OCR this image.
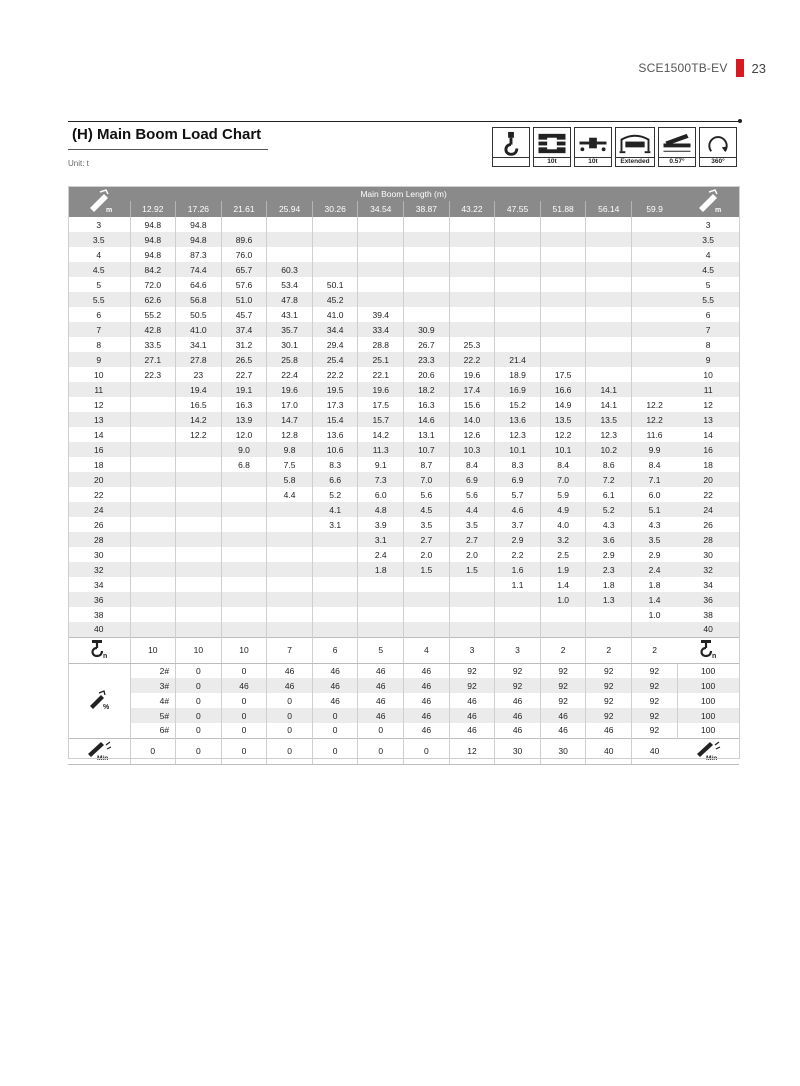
SCE1500TB-EV 23
(H) Main Boom Load Chart
Unit: t	10t	10t	Extended	0.57°	360°
m	Main Boom Length (m)												m	

	12.92	17.26	21.61	25.94	30.26	34.54	38.87	43.22	47.55	51.88	56.14	59.9		
3	94.8	94.8											3	
3.5	94.8	94.8	89.6										3.5	
4	94.8	87.3	76.0										4	
4.5	84.2	74.4	65.7	60.3									4.5	
5	72.0	64.6	57.6	53.4	50.1								5	
5.5	62.6	56.8	51.0	47.8	45.2								5.5	
6	55.2	50.5	45.7	43.1	41.0	39.4							6	
7	42.8	41.0	37.4	35.7	34.4	33.4	30.9						7	
8	33.5	34.1	31.2	30.1	29.4	28.8	26.7	25.3					8	
9	27.1	27.8	26.5	25.8	25.4	25.1	23.3	22.2	21.4				9	
10	22.3	23	22.7	22.4	22.2	22.1	20.6	19.6	18.9	17.5			10	
11		19.4	19.1	19.6	19.5	19.6	18.2	17.4	16.9	16.6	14.1		11	
12		16.5	16.3	17.0	17.3	17.5	16.3	15.6	15.2	14.9	14.1	12.2	12	
13		14.2	13.9	14.7	15.4	15.7	14.6	14.0	13.6	13.5	13.5	12.2	13	
14		12.2	12.0	12.8	13.6	14.2	13.1	12.6	12.3	12.2	12.3	11.6	14	
16			9.0	9.8	10.6	11.3	10.7	10.3	10.1	10.1	10.2	9.9	16	
18			6.8	7.5	8.3	9.1	8.7	8.4	8.3	8.4	8.6	8.4	18	
20				5.8	6.6	7.3	7.0	6.9	6.9	7.0	7.2	7.1	20	
22				4.4	5.2	6.0	5.6	5.6	5.7	5.9	6.1	6.0	22	
24					4.1	4.8	4.5	4.4	4.6	4.9	5.2	5.1	24	
26					3.1	3.9	3.5	3.5	3.7	4.0	4.3	4.3	26	
28						3.1	2.7	2.7	2.9	3.2	3.6	3.5	28	
30						2.4	2.0	2.0	2.2	2.5	2.9	2.9	30	
32						1.8	1.5	1.5	1.6	1.9	2.3	2.4	32	
34									1.1	1.4	1.8	1.8	34	
36										1.0	1.3	1.4	36	
38												1.0	38	
40													40	

n	10	10	10	7	6	5	4	3	3	2	2	2	n	

%	2#	0	0	46	46	46	46	92	92	92	92	92	100		

	3#	0	46	46	46	46	46	92	92	92	92	92	100	
	4#	0	0	0	46	46	46	46	46	92	92	92	100	
	5#	0	0	0	0	46	46	46	46	46	92	92	100	
	6#	0	0	0	0	0	46	46	46	46	46	92	100	

Min	0	0	0	0	0	0	0	12	30	30	40	40	Min	
